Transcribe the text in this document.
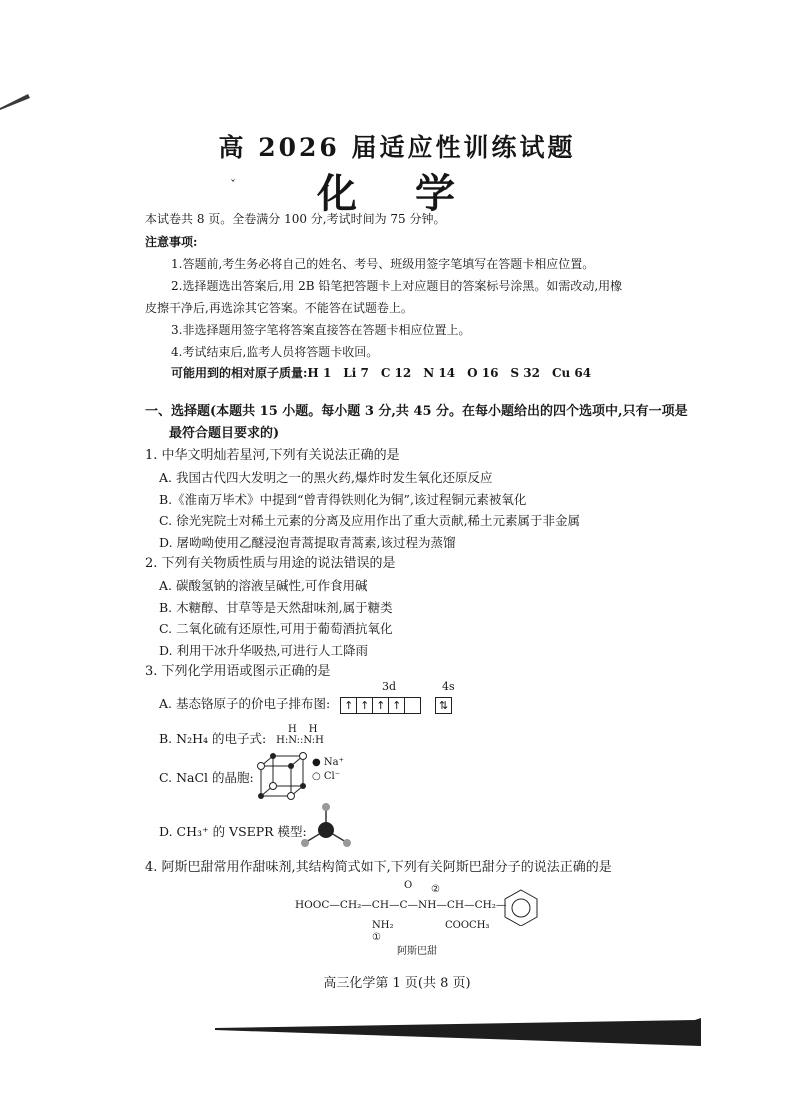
高 2026 届适应性训练试题
ˇ	化 学
本试卷共 8 页。全卷满分 100 分,考试时间为 75 分钟。
注意事项:
1.答题前,考生务必将自己的姓名、考号、班级用签字笔填写在答题卡相应位置。
2.选择题选出答案后,用 2B 铅笔把答题卡上对应题目的答案标号涂黑。如需改动,用橡
皮擦干净后,再选涂其它答案。不能答在试题卷上。
3.非选择题用签字笔将答案直接答在答题卡相应位置上。
4.考试结束后,监考人员将答题卡收回。
可能用到的相对原子质量:H 1　Li 7　C 12　N 14　O 16　S 32　Cu 64
一、选择题(本题共 15 小题。每小题 3 分,共 45 分。在每小题给出的四个选项中,只有一项是
最符合题目要求的)
1. 中华文明灿若星河,下列有关说法正确的是
A. 我国古代四大发明之一的黑火药,爆炸时发生氧化还原反应
B.《淮南万毕术》中提到“曾青得铁则化为铜”,该过程铜元素被氧化
C. 徐光宪院士对稀土元素的分离及应用作出了重大贡献,稀土元素属于非金属
D. 屠呦呦使用乙醚浸泡青蒿提取青蒿素,该过程为蒸馏
2. 下列有关物质性质与用途的说法错误的是
A. 碳酸氢钠的溶液呈碱性,可作食用碱
B. 木糖醇、甘草等是天然甜味剂,属于糖类
C. 二氧化硫有还原性,可用于葡萄酒抗氧化
D. 利用干冰升华吸热,可进行人工降雨
3. 下列化学用语或图示正确的是
3d	4s
A. 基态铬原子的价电子排布图: ↑ ↑ ↑ ↑	⇅
H　H
B. N₂H₄ 的电子式: H:N::N:H
C. NaCl 的晶胞:
● Na⁺
○ Cl⁻
D. CH₃⁺ 的 VSEPR 模型:
4. 阿斯巴甜常用作甜味剂,其结构简式如下,下列有关阿斯巴甜分子的说法正确的是
O ②
HOOC—CH₂—CH—C—NH—CH—CH₂—
NH₂
①
COOCH₃
阿斯巴甜
高三化学第 1 页(共 8 页)
